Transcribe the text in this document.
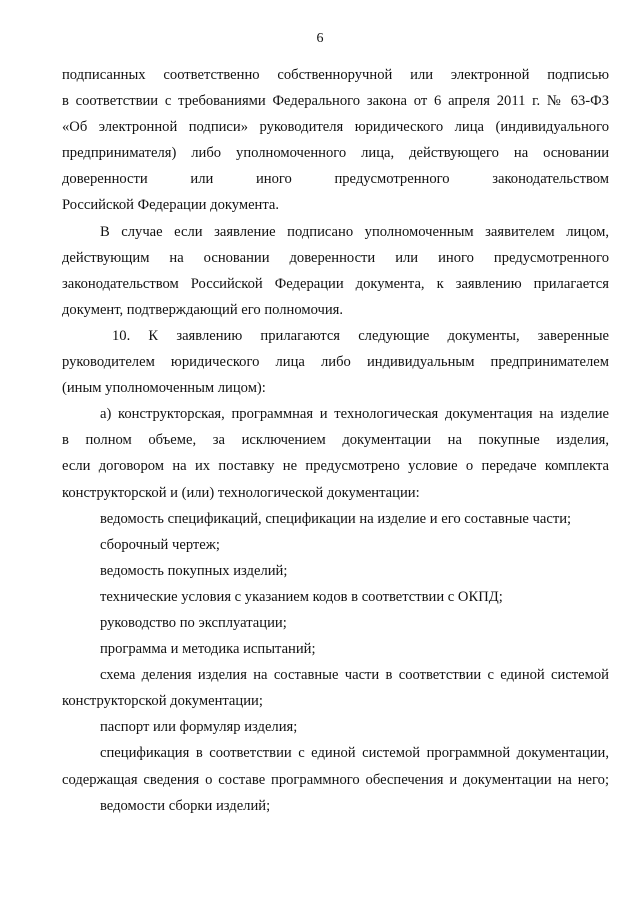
6
подписанных соответственно собственноручной или электронной подписью
в соответствии с требованиями Федерального закона от 6 апреля 2011 г. № 63-ФЗ
«Об электронной подписи» руководителя юридического лица (индивидуального
предпринимателя) либо уполномоченного лица, действующего на основании
доверенности или иного предусмотренного законодательством
Российской Федерации документа.
В случае если заявление подписано уполномоченным заявителем лицом,
действующим на основании доверенности или иного предусмотренного
законодательством Российской Федерации документа, к заявлению прилагается
документ, подтверждающий его полномочия.
10. К заявлению прилагаются следующие документы, заверенные
руководителем юридического лица либо индивидуальным предпринимателем
(иным уполномоченным лицом):
а) конструкторская, программная и технологическая документация на изделие
в полном объеме, за исключением документации на покупные изделия,
если договором на их поставку не предусмотрено условие о передаче комплекта
конструкторской и (или) технологической документации:
ведомость спецификаций, спецификации на изделие и его составные части;
сборочный чертеж;
ведомость покупных изделий;
технические условия с указанием кодов в соответствии с ОКПД;
руководство по эксплуатации;
программа и методика испытаний;
схема деления изделия на составные части в соответствии с единой системой
конструкторской документации;
паспорт или формуляр изделия;
спецификация в соответствии с единой системой программной документации,
содержащая сведения о составе программного обеспечения и документации на него;
ведомости сборки изделий;
